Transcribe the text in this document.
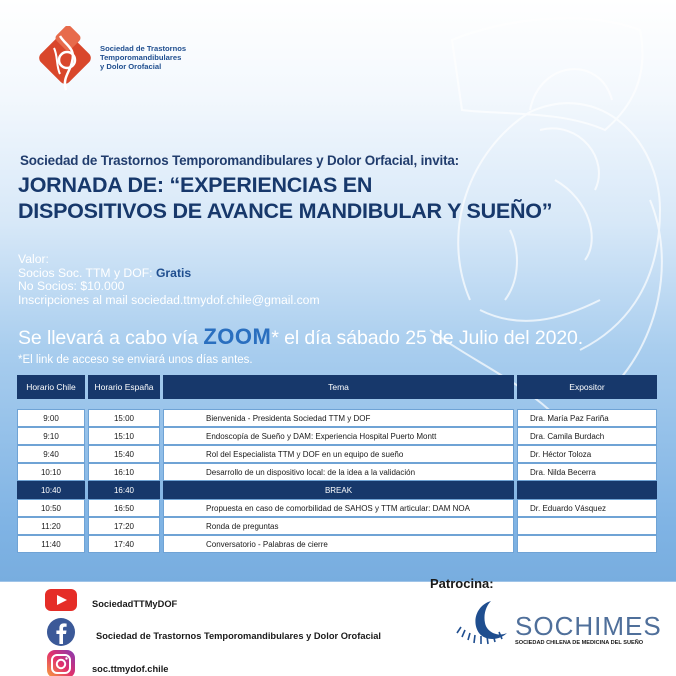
Sociedad de Trastornos
Temporomandibulares
y Dolor Orofacial
Sociedad de Trastornos Temporomandibulares y Dolor Orfacial, invita:
JORNADA DE: “EXPERIENCIAS EN
DISPOSITIVOS DE AVANCE MANDIBULAR Y SUEÑO”
Valor:
Socios Soc. TTM y DOF: Gratis
No Socios: $10.000
Inscripciones al mail sociedad.ttmydof.chile@gmail.com
Se llevará a cabo vía ZOOM* el día sábado 25 de Julio del 2020.
*El link de acceso se enviará unos días antes.
Horario Chile	Horario España	Tema	Expositor
9:00	15:00	Bienvenida - Presidenta Sociedad TTM y DOF	Dra. María Paz Fariña
9:10	15:10	Endoscopía de Sueño y DAM: Experiencia Hospital Puerto Montt	Dra. Camila Burdach
9:40	15:40	Rol del Especialista TTM y DOF en un equipo de sueño	Dr. Héctor Toloza
10:10	16:10	Desarrollo de un dispositivo local: de la idea a la validación	Dra. Nilda Becerra
10:40	16:40	BREAK
10:50	16:50	Propuesta en caso de comorbilidad de SAHOS y TTM articular: DAM NOA	Dr. Eduardo Vásquez
11:20	17:20	Ronda de preguntas
11:40	17:40	Conversatorio - Palabras de cierre
SociedadTTMyDOF
Sociedad de Trastornos Temporomandibulares y Dolor Orofacial
soc.ttmydof.chile
Patrocina:
SOCHIMES
SOCIEDAD CHILENA DE MEDICINA DEL SUEÑO
